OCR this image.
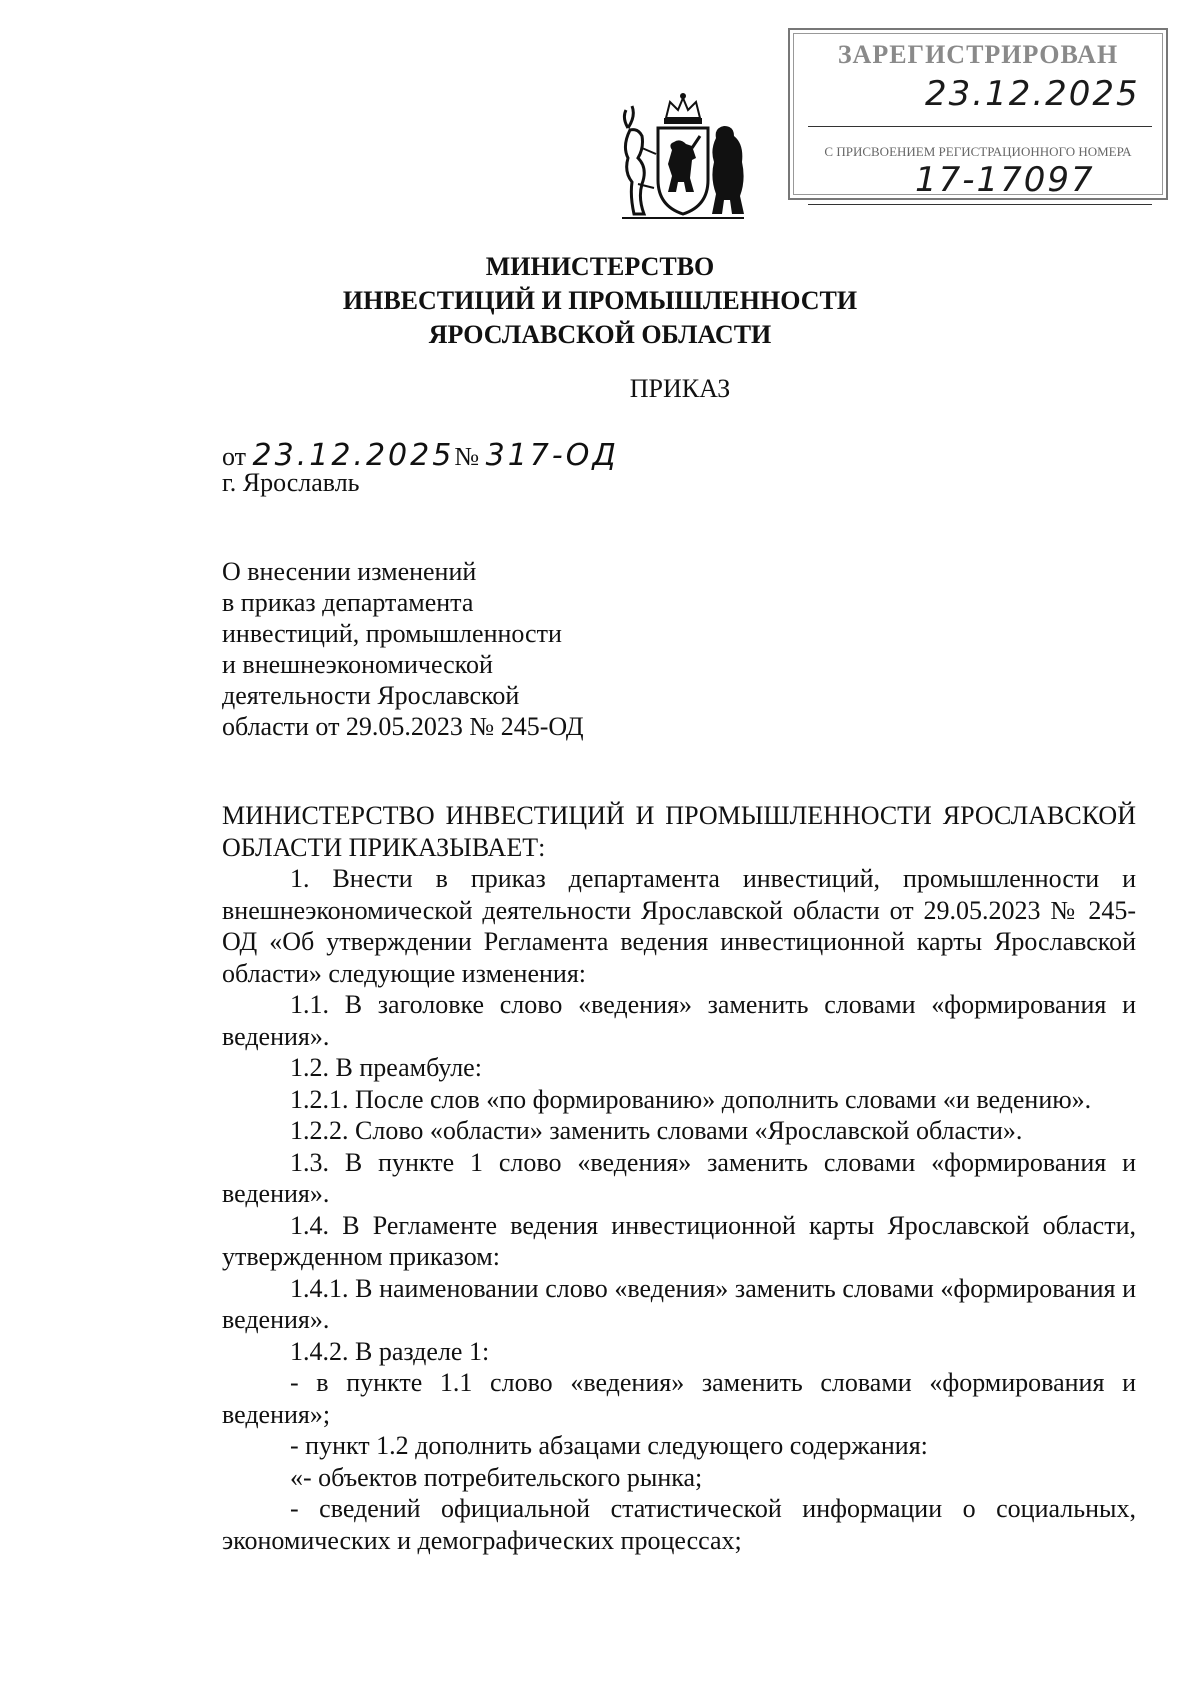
ЗАРЕГИСТРИРОВАН
23.12.2025
С ПРИСВОЕНИЕМ РЕГИСТРАЦИОННОГО НОМЕРА
17-17097
МИНИСТЕРСТВО
ИНВЕСТИЦИЙ И ПРОМЫШЛЕННОСТИ
ЯРОСЛАВСКОЙ ОБЛАСТИ
ПРИКАЗ
от 23.12.2025№ 317-ОД
г. Ярославль
О внесении изменений
в приказ департамента
инвестиций, промышленности
и внешнеэкономической
деятельности Ярославской
области от 29.05.2023 № 245-ОД

МИНИСТЕРСТВО ИНВЕСТИЦИЙ И ПРОМЫШЛЕННОСТИ ЯРОСЛАВСКОЙ ОБЛАСТИ ПРИКАЗЫВАЕТ:

1. Внести в приказ департамента инвестиций, промышленности и внешнеэкономической деятельности Ярославской области от 29.05.2023 № 245-ОД «Об утверждении Регламента ведения инвестиционной карты Ярославской области» следующие изменения:

1.1. В заголовке слово «ведения» заменить словами «формирования и ведения».

1.2. В преамбуле:

1.2.1. После слов «по формированию» дополнить словами «и ведению».

1.2.2. Слово «области» заменить словами «Ярославской области».

1.3. В пункте 1 слово «ведения» заменить словами «формирования и ведения».

1.4. В Регламенте ведения инвестиционной карты Ярославской области, утвержденном приказом:

1.4.1. В наименовании слово «ведения» заменить словами «формирования и ведения».

1.4.2. В разделе 1:

- в пункте 1.1 слово «ведения» заменить словами «формирования и ведения»;

- пункт 1.2 дополнить абзацами следующего содержания:

«- объектов потребительского рынка;

- сведений официальной статистической информации о социальных, экономических и демографических процессах;
